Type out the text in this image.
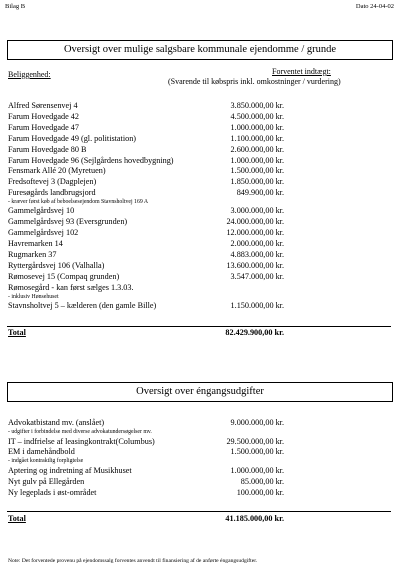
Bilag B	Dato 24-04-02
Oversigt over mulige salgsbare kommunale ejendomme / grunde
Beliggenhed:	Forventet indtægt:
(Svarende til købspris inkl. omkostninger / vurdering)
Alfred Sørensenvej 4	3.850.000,00 kr.
Farum Hovedgade 42	4.500.000,00 kr.
Farum Hovedgade 47	1.000.000,00 kr.
Farum Hovedgade 49 (gl. politistation)	1.100.000,00 kr.
Farum Hovedgade 80 B	2.600.000,00 kr.
Farum Hovedgade 96 (Sejlgårdens hovedbygning)	1.000.000,00 kr.
Fensmark Allé 20 (Myretuen)	1.500.000,00 kr.
Fredsoftevej 3 (Dagplejen)	1.850.000,00 kr.
Furesøgårds landbrugsjord	849.900,00 kr.
- kræver først køb af beboelsesejendom Stavnsholtvej 169 A
Gammelgårdsvej 10	3.000.000,00 kr.
Gammelgårdsvej 93 (Eversgrunden)	24.000.000,00 kr.
Gammelgårdsvej 102	12.000.000,00 kr.
Havremarken 14	2.000.000,00 kr.
Rugmarken 37	4.883.000,00 kr.
Ryttergårdsvej 106 (Valhalla)	13.600.000,00 kr.
Rømosevej 15 (Compaq grunden)	3.547.000,00 kr.
Rømosegård - kan først sælges 1.3.03.
- inklusiv Hønsehuset
Stavnsholtvej 5 – kælderen (den gamle Bille)	1.150.000,00 kr.
Total	82.429.900,00 kr.
Oversigt over éngangsudgifter
Advokatbistand mv. (anslået)	9.000.000,00 kr.
- udgifter i forbindelse med diverse advokatundersøgelser mv.
IT – indfrielse af leasingkontrakt(Columbus)	29.500.000,00 kr.
EM i damehåndbold	1.500.000,00 kr.
- indgået kontraktlig forpligtelse
Aptering og indretning af Musikhuset	1.000.000,00 kr.
Nyt gulv på Ellegården	85.000,00 kr.
Ny legeplads i øst-området	100.000,00 kr.
Total	41.185.000,00 kr.
Note: Det forventede provenu på ejendomssalg forventes anvendt til finansiering af de anførte éngangsudgifter.
